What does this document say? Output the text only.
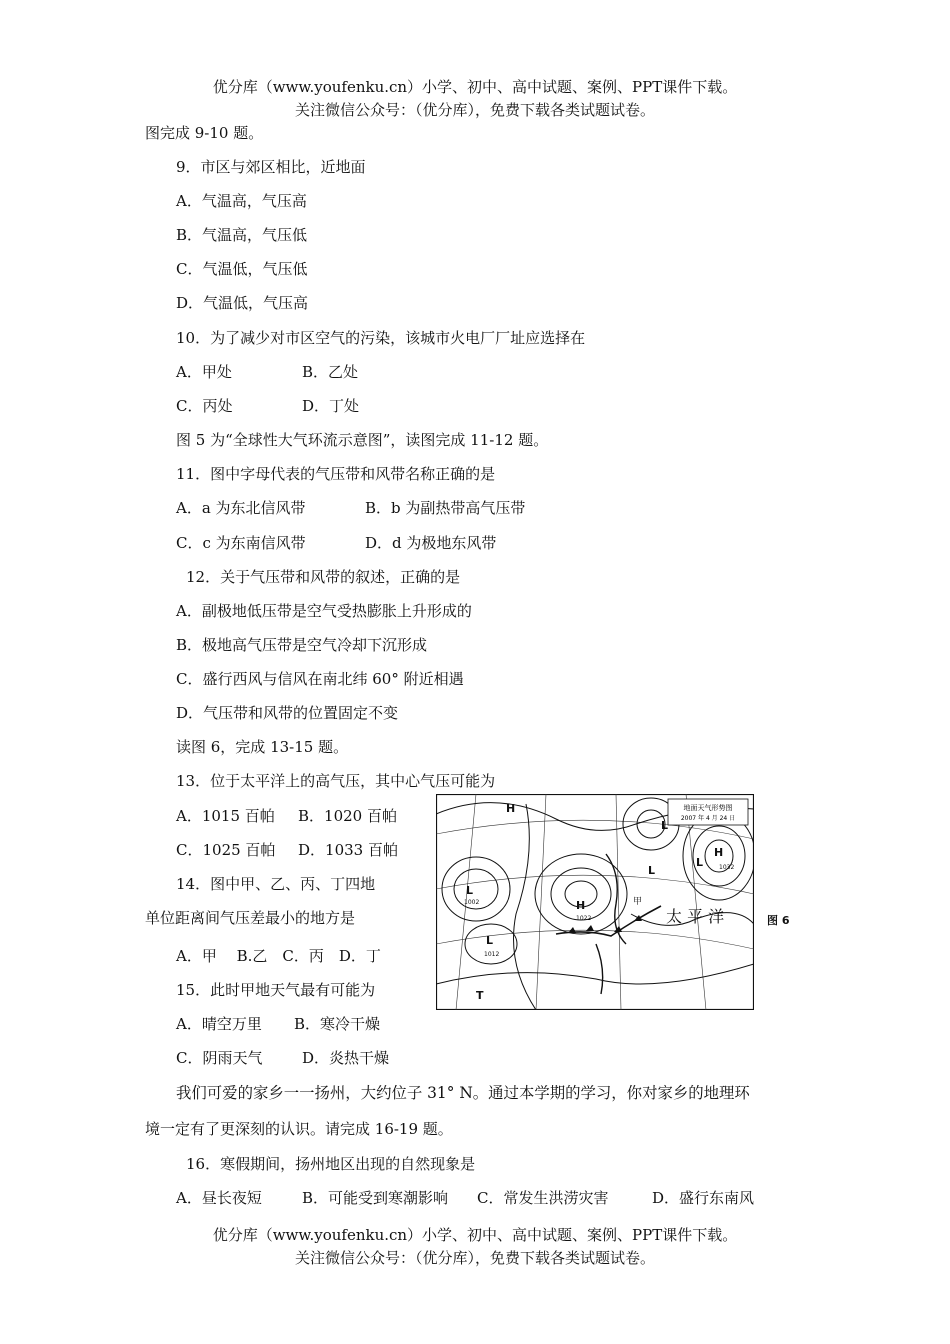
优分库（www.youfenku.cn）小学、初中、高中试题、案例、PPT课件下载。
关注微信公众号：（优分库），免费下载各类试题试卷。
图完成 9-10 题。
9．市区与郊区相比，近地面
A．气温高，气压高
B．气温高，气压低
C．气温低，气压低
D．气温低，气压高
10．为了减少对市区空气的污染，该城市火电厂厂址应选择在
A．甲处	B．乙处
C．丙处	D．丁处
图 5 为“全球性大气环流示意图”，读图完成 11-12 题。
11．图中字母代表的气压带和风带名称正确的是
A．a 为东北信风带	B．b 为副热带高气压带
C．c 为东南信风带	D．d 为极地东风带
12．关于气压带和风带的叙述，正确的是
A．副极地低压带是空气受热膨胀上升形成的
B．极地高气压带是空气冷却下沉形成
C．盛行西风与信风在南北纬 60° 附近相遇
D．气压带和风带的位置固定不变
读图 6，完成 13-15 题。
13．位于太平洋上的高气压，其中心气压可能为
A．1015 百帕 B．1020 百帕
C．1025 百帕 D．1033 百帕
14．图中甲、乙、丙、丁四地
单位距离间气压差最小的地方是
A．甲　 B.乙　C．丙　D．丁
15．此时甲地天气最有可能为
A．晴空万里 B．寒冷干燥
C．阴雨天气	D．炎热干燥
我们可爱的家乡一一扬州，大约位子 31° N。通过本学期的学习，你对家乡的地理环
境一定有了更深刻的认识。请完成 16-19 题。
16．寒假期间，扬州地区出现的自然现象是
A．昼长夜短	B．可能受到寒潮影响 C．常发生洪涝灾害	D．盛行东南风
优分库（www.youfenku.cn）小学、初中、高中试题、案例、PPT课件下载。
关注微信公众号：（优分库），免费下载各类试题试卷。
地面天气形势图
2007 年 4 月 24 日
H
L
H
H
L
L
L
L
T
1022
1032
1002
1012
甲
太 平 洋	图 6
